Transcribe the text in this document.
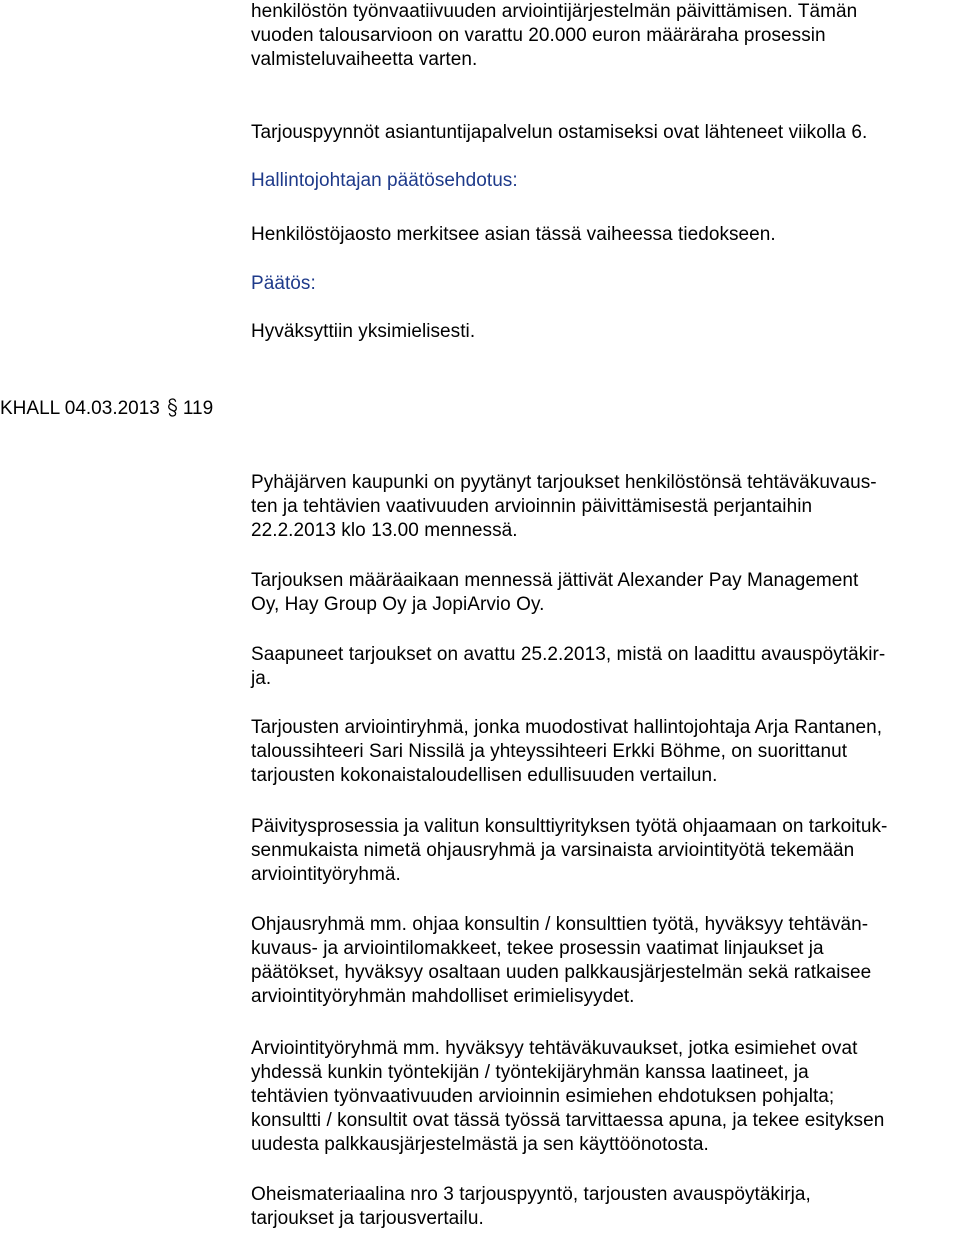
henkilöstön työnvaatiivuuden arviointijärjestelmän päivittämisen. Tämän
vuoden talousarvioon on varattu 20.000 euron määräraha prosessin
valmisteluvaiheetta varten.
Tarjouspyynnöt asiantuntijapalvelun ostamiseksi ovat lähteneet viikolla 6.
Hallintojohtajan päätösehdotus:
Henkilöstöjaosto merkitsee asian tässä vaiheessa tiedokseen.
Päätös:
Hyväksyttiin yksimielisesti.
KHALL 04.03.2013 119
Pyhäjärven kaupunki on pyytänyt tarjoukset henkilöstönsä tehtäväkuvaus-
ten ja tehtävien vaativuuden arvioinnin päivittämisestä perjantaihin
22.2.2013 klo 13.00 mennessä.
Tarjouksen määräaikaan mennessä jättivät Alexander Pay Management
Oy, Hay Group Oy ja JopiArvio Oy.
Saapuneet tarjoukset on avattu 25.2.2013, mistä on laadittu avauspöytäkir-
ja.
Tarjousten arviointiryhmä, jonka muodostivat hallintojohtaja Arja Rantanen,
taloussihteeri Sari Nissilä ja yhteyssihteeri Erkki Böhme, on suorittanut
tarjousten kokonaistaloudellisen edullisuuden vertailun.
Päivitysprosessia ja valitun konsulttiyrityksen työtä ohjaamaan on tarkoituk-
senmukaista nimetä ohjausryhmä ja varsinaista arviointityötä tekemään
arviointityöryhmä.
Ohjausryhmä mm. ohjaa konsultin / konsulttien työtä, hyväksyy tehtävän-
kuvaus- ja arviointilomakkeet, tekee prosessin vaatimat linjaukset ja
päätökset, hyväksyy osaltaan uuden palkkausjärjestelmän sekä ratkaisee
arviointityöryhmän mahdolliset erimielisyydet.
Arviointityöryhmä mm. hyväksyy tehtäväkuvaukset, jotka esimiehet ovat
yhdessä kunkin työntekijän / työntekijäryhmän kanssa laatineet, ja
tehtävien työnvaativuuden arvioinnin esimiehen ehdotuksen pohjalta;
konsultti / konsultit ovat tässä työssä tarvittaessa apuna, ja tekee esityksen
uudesta palkkausjärjestelmästä ja sen käyttöönotosta.
Oheismateriaalina nro 3 tarjouspyyntö, tarjousten avauspöytäkirja,
tarjoukset ja tarjousvertailu.
